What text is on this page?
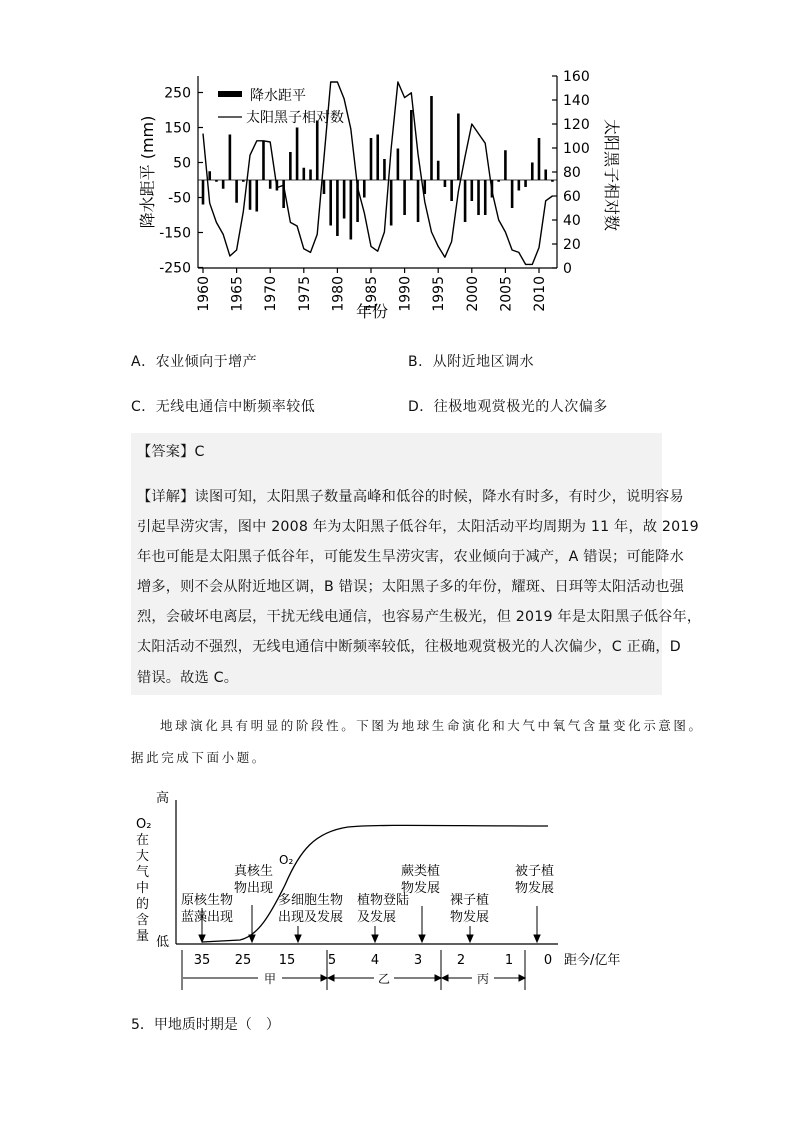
250
150
50
-50
-150
-250
160
140
120
100
80
60
40
20
0
1960 1965 1970 1975 1980 1985 1990 1995 2000 2005 2010
降水距平
太阳黑子相对数
降水距平 (mm)	太阳黑子相对数
年份
A．农业倾向于增产	B．从附近地区调水
C．无线电通信中断频率较低	D．往极地观赏极光的人次偏多
【答案】C
【详解】读图可知，太阳黑子数量高峰和低谷的时候，降水有时多，有时少，说明容易
引起旱涝灾害，图中 2008 年为太阳黑子低谷年，太阳活动平均周期为 11 年，故 2019
年也可能是太阳黑子低谷年，可能发生旱涝灾害，农业倾向于减产，A 错误；可能降水
增多，则不会从附近地区调，B 错误；太阳黑子多的年份，耀斑、日珥等太阳活动也强
烈，会破坏电离层，干扰无线电通信，也容易产生极光，但 2019 年是太阳黑子低谷年，
太阳活动不强烈，无线电通信中断频率较低，往极地观赏极光的人次偏少，C 正确，D
错误。故选 C。
地球演化具有明显的阶段性。下图为地球生命演化和大气中氧气含量变化示意图。
据此完成下面小题。
高
低
O₂
在
大
气
中
的
含
量
O₂
原核生物
蓝藻出现
真核生
物出现
多细胞生物
出现及发展
植物登陆
及发展
蕨类植
物发展
裸子植
物发展
被子植
物发展
35 25 15	5	4	3	2	1 0 距今/亿年
甲	乙	丙
5．甲地质时期是（　）
